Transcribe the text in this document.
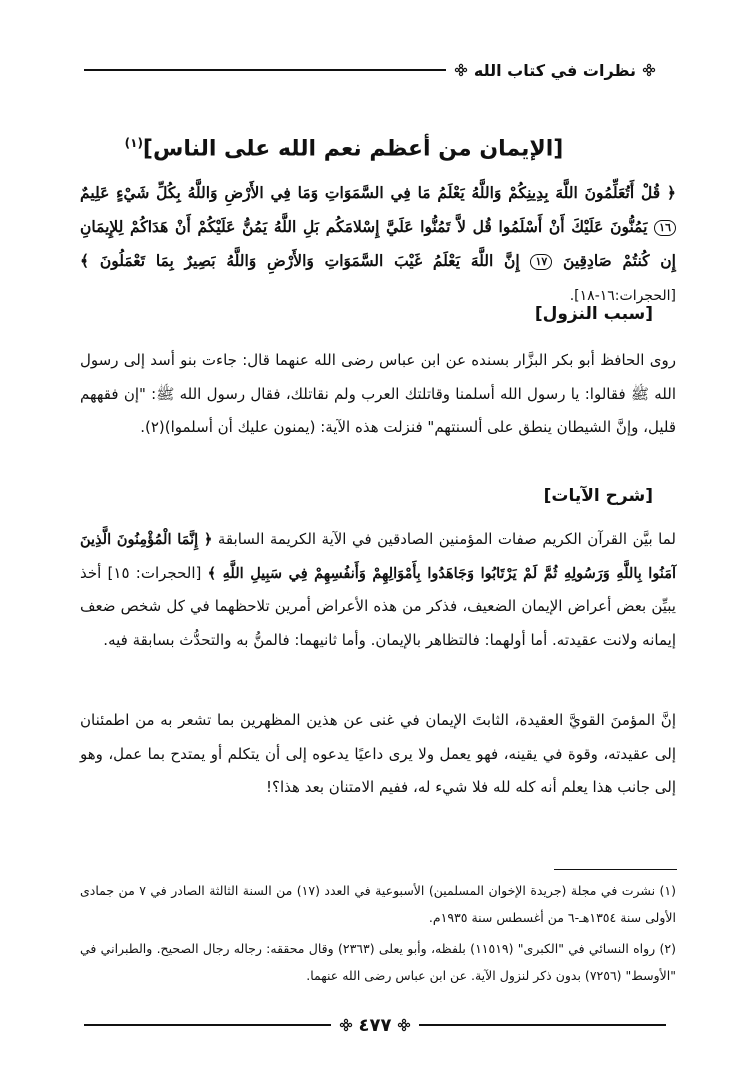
نظرات في كتاب الله
[الإيمان من أعظم نعم الله على الناس]$^{(١)}$
﴿ قُلْ أَتُعَلِّمُونَ اللَّهَ بِدِينِكُمْ وَاللَّهُ يَعْلَمُ مَا فِي السَّمَوَاتِ وَمَا فِي الأَرْضِ وَاللَّهُ بِكُلِّ شَيْءٍ عَلِيمٌ ١٦ يَمُنُّونَ عَلَيْكَ أَنْ أَسْلَمُوا قُل لاَّ تَمُنُّوا عَلَيَّ إِسْلامَكُم بَلِ اللَّهُ يَمُنُّ عَلَيْكُمْ أَنْ هَدَاكُمْ لِلإِيمَانِ إِن كُنتُمْ صَادِقِينَ ١٧ إِنَّ اللَّهَ يَعْلَمُ غَيْبَ السَّمَوَاتِ وَالأَرْضِ وَاللَّهُ بَصِيرٌ بِمَا تَعْمَلُونَ ﴾ [الحجرات:١٦-١٨].
[سبب النزول]
روى الحافظ أبو بكر البزَّار بسنده عن ابن عباس رضى الله عنهما قال: جاءت بنو أسد إلى رسول الله ﷺ فقالوا: يا رسول الله أسلمنا وقاتلتك العرب ولم نقاتلك، فقال رسول الله ﷺ: "إن فقههم قليل، وإنَّ الشيطان ينطق على ألسنتهم" فنزلت هذه الآية: (يمنون عليك أن أسلموا)(٢).
[شرح الآيات]
لما بيَّن القرآن الكريم صفات المؤمنين الصادقين في الآية الكريمة السابقة ﴿ إِنَّمَا الْمُؤْمِنُونَ الَّذِينَ آمَنُوا بِاللَّهِ وَرَسُولِهِ ثُمَّ لَمْ يَرْتَابُوا وَجَاهَدُوا بِأَمْوَالِهِمْ وَأَنفُسِهِمْ فِي سَبِيلِ اللَّهِ ﴾ [الحجرات: ١٥] أخذ يبيِّن بعض أعراض الإيمان الضعيف، فذكر من هذه الأعراض أمرين تلاحظهما في كل شخص ضعف إيمانه ولانت عقيدته. أما أولهما: فالتظاهر بالإيمان. وأما ثانيهما: فالمنُّ به والتحدُّث بسابقة فيه.
إنَّ المؤمنَ القويَّ العقيدة، الثابتَ الإيمان في غنى عن هذين المظهرين بما تشعر به من اطمئنان إلى عقيدته، وقوة في يقينه، فهو يعمل ولا يرى داعيًا يدعوه إلى أن يتكلم أو يمتدح بما عمل، وهو إلى جانب هذا يعلم أنه كله لله فلا شيء له، ففيم الامتنان بعد هذا؟!
(١) نشرت في مجلة (جريدة الإخوان المسلمين) الأسبوعية في العدد (١٧) من السنة الثالثة الصادر في ٧ من جمادى الأولى سنة ١٣٥٤هـ-٦ من أغسطس سنة ١٩٣٥م.
(٢) رواه النسائي في "الكبرى" (١١٥١٩) بلفظه، وأبو يعلى (٢٣٦٣) وقال محققه: رجاله رجال الصحيح. والطبراني في "الأوسط" (٧٢٥٦) بدون ذكر لنزول الآية. عن ابن عباس رضى الله عنهما.
٤٧٧
